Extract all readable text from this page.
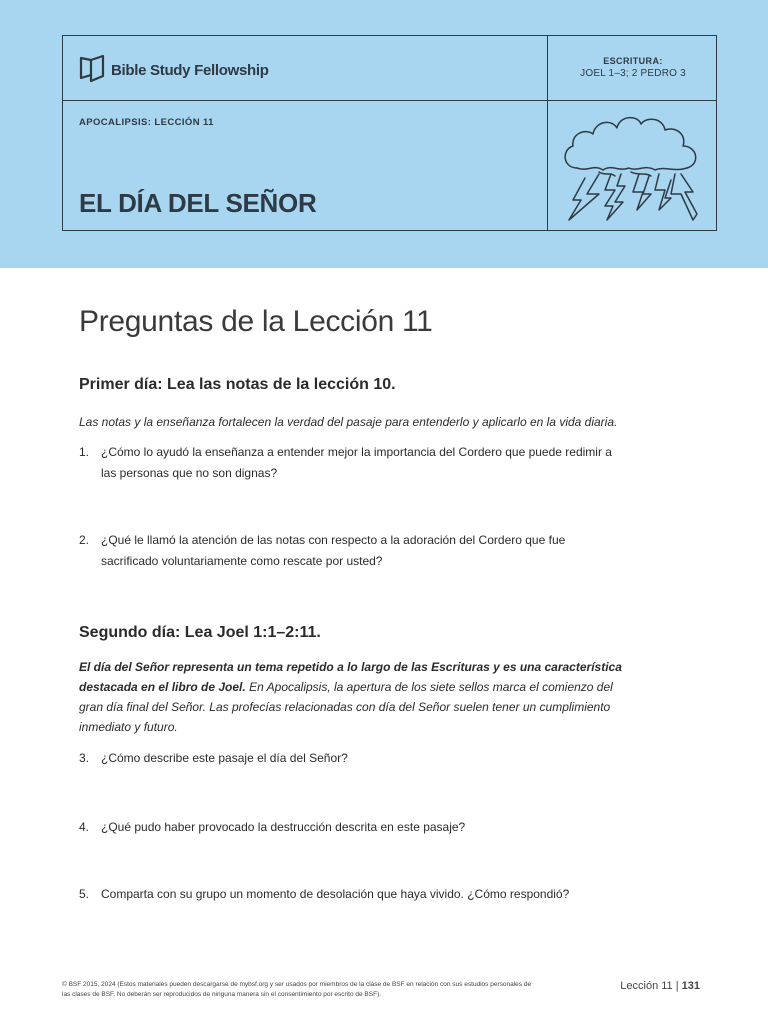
Bible Study Fellowship
ESCRITURA:
JOEL 1–3; 2 PEDRO 3
APOCALIPSIS: LECCIÓN 11
EL DÍA DEL SEÑOR
Preguntas de la Lección 11
Primer día: Lea las notas de la lección 10.
Las notas y la enseñanza fortalecen la verdad del pasaje para entenderlo y aplicarlo en la vida diaria.
1. ¿Cómo lo ayudó la enseñanza a entender mejor la importancia del Cordero que puede redimir a las personas que no son dignas?
2. ¿Qué le llamó la atención de las notas con respecto a la adoración del Cordero que fue sacrificado voluntariamente como rescate por usted?
Segundo día: Lea Joel 1:1–2:11.
El día del Señor representa un tema repetido a lo largo de las Escrituras y es una característica destacada en el libro de Joel. En Apocalipsis, la apertura de los siete sellos marca el comienzo del gran día final del Señor. Las profecías relacionadas con día del Señor suelen tener un cumplimiento inmediato y futuro.
3. ¿Cómo describe este pasaje el día del Señor?
4. ¿Qué pudo haber provocado la destrucción descrita en este pasaje?
5. Comparta con su grupo un momento de desolación que haya vivido. ¿Cómo respondió?
© BSF 2015, 2024 (Estos materiales pueden descargarse de mybsf.org y ser usados por miembros de la clase de BSF en relación con sus estudios personales de las clases de BSF. No deberán ser reproducidos de ninguna manera sin el consentimiento por escrito de BSF).
Lección 11 | 131
